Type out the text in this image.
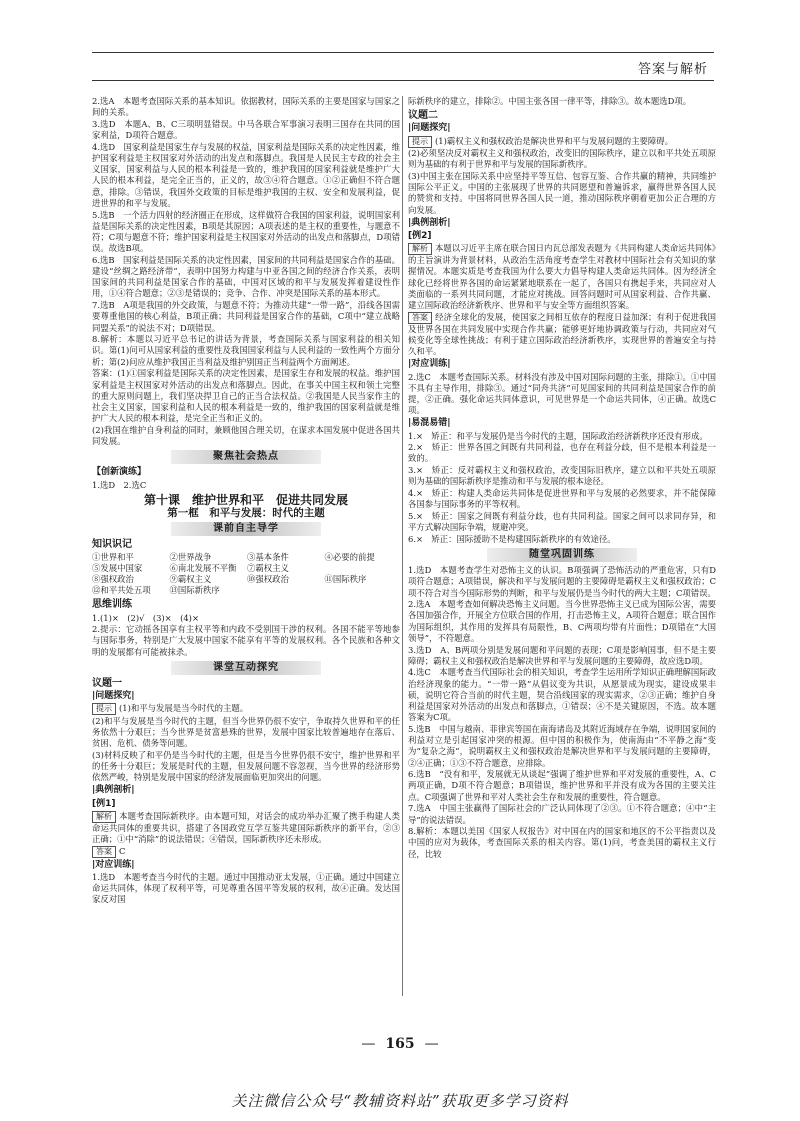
答案与解析

2.选A　本题考查国际关系的基本知识。依据教材，国际关系的主要是国家与国家之间的关系。

3.选D　本题A、B、C三项明显错误。中马各联合军事演习表明三国存在共同的国家利益，D项符合题意。

4.选D　国家利益是国家生存与发展的权益，国家利益是国际关系的决定性因素，维护国家利益是主权国家对外活动的出发点和落脚点。我国是人民民主专政的社会主义国家，国家利益与人民的根本利益是一致的，维护我国的国家利益就是维护广大人民的根本利益，是完全正当的，正义的，故③④符合题意。①②正确但不符合题意，排除。③错误，我国外交政策的目标是维护我国的主权、安全和发展利益，促进世界的和平与发展。

5.选B　一个活力四射的经济圈正在形成，这样做符合我国的国家利益，说明国家利益是国际关系的决定性因素，B项是其原因；A项表述的是主权的重要性，与题意不符；C项与题意不符；维护国家利益是主权国家对外活动的出发点和落脚点，D项错误。故选B项。

6.选B　国家利益是国际关系的决定性因素，国家间的共同利益是国家合作的基础。建设“丝绸之路经济带”，表明中国努力构建与中亚各国之间的经济合作关系，表明国家间的共同利益是国家合作的基础，中国对区域的和平与发展发挥着建设性作用，①④符合题意；②③是错误的；竞争、合作、冲突是国际关系的基本形式。

7.选B　A项是我国的外交政策，与题意不符；为推动共建“一带一路”，沿线各国需要尊重他国的核心利益，B项正确；共同利益是国家合作的基础，C项中“建立战略同盟关系”的说法不对；D项错误。

8.解析：本题以习近平总书记的讲话为背景，考查国际关系与国家利益的相关知识。第(1)问可从国家利益的重要性及我国国家利益与人民利益的一致性两个方面分析；第(2)问应从维护我国正当利益及维护别国正当利益两个方面阐述。

答案：(1)①国家利益是国际关系的决定性因素，是国家生存和发展的权益。维护国家利益是主权国家对外活动的出发点和落脚点。因此，在事关中国主权和领土完整的重大原则问题上，我们坚决捍卫自己的正当合法权益。②我国是人民当家作主的社会主义国家，国家利益和人民的根本利益是一致的，维护我国的国家利益就是维护广大人民的根本利益，是完全正当和正义的。

(2)我国在维护自身利益的同时，兼顾他国合理关切，在谋求本国发展中促进各国共同发展。

聚焦社会热点
【创新演练】

1.选D　2.选C

第十课　维护世界和平　促进共同发展
第一框　和平与发展：时代的主题
课前自主导学
知识识记
①世界和平	②世界战争	③基本条件	④必要的前提
⑤发展中国家	⑥南北发展不平衡	⑦霸权主义
⑧强权政治	⑨霸权主义	⑩强权政治	⑪国际秩序
⑫和平共处五项	⑬国际新秩序
思维训练

1.(1)×　(2)√　(3)×　(4)×

2.提示：它动摇各国享有主权平等和内政不受别国干涉的权利。各国不能平等地参与国际事务，特别是广大发展中国家不能享有平等的发展权利。各个民族和各种文明的发展都有可能被抹杀。

课堂互动探究
议题一
|问题探究|

提示 (1)和平与发展是当今时代的主题。

(2)和平与发展是当今时代的主题，但当今世界仍很不安宁，争取持久世界和平的任务依然十分艰巨；当今世界是贫富悬殊的世界，发展中国家比较普遍地存在落后、贫困、危机、债务等问题。

(3)材料反映了和平仍是当今时代的主题，但是当今世界仍很不安宁，维护世界和平的任务十分艰巨；发展是时代的主题，但发展问题不容忽视，当今世界的经济形势依然严峻，特别是发展中国家的经济发展面临更加突出的问题。

|典例剖析|
[例1]

解析 本题考查国际新秩序。由本题可知，对话会的成功举办汇聚了携手构建人类命运共同体的重要共识，搭建了各国政党互学互鉴共建国际新秩序的新平台，②③正确；①中“消除”的说法错误；④错误，国际新秩序还未形成。

答案 C

|对应训练|

1.选D　本题考查当今时代的主题。通过中国推动亚太发展，①正确。通过中国建立命运共同体，体现了权利平等，可见尊重各国平等发展的权利，故④正确。发达国家反对国

际新秩序的建立，排除②。中国主张各国一律平等，排除③。故本题选D项。

议题二
|问题探究|

提示 (1)霸权主义和强权政治是解决世界和平与发展问题的主要障碍。

(2)必须坚决反对霸权主义和强权政治，改变旧的国际秩序，建立以和平共处五项原则为基础的有利于世界和平与发展的国际新秩序。

(3)中国主张在国际关系中应坚持平等互信、包容互鉴、合作共赢的精神，共同维护国际公平正义。中国的主张展现了世界的共同愿望和普遍诉求，赢得世界各国人民的赞赏和支持。中国将同世界各国人民一道，推动国际秩序朝着更加公正合理的方向发展。

|典例剖析|
[例2]

解析 本题以习近平主席在联合国日内瓦总部发表题为《共同构建人类命运共同体》的主旨演讲为背景材料，从政治生活角度考查学生对教材中国际社会有关知识的掌握情况。本题实质是考查我国为什么要大力倡导构建人类命运共同体。因为经济全球化已经将世界各国的命运紧紧地联系在一起了，各国只有携起手来，共同应对人类面临的一系列共同问题，才能应对挑战。回答问题时可从国家利益、合作共赢、建立国际政治经济新秩序、世界和平与安全等方面组织答案。

答案 经济全球化的发展，使国家之间相互依存的程度日益加深；有利于促进我国及世界各国在共同发展中实现合作共赢；能够更好地协调政策与行动，共同应对气候变化等全球性挑战；有利于建立国际政治经济新秩序，实现世界的普遍安全与持久和平。

|对应训练|

2.选C　本题考查国际关系。材料没有涉及中国对国际问题的主张，排除①。①中国不具有主导作用，排除③。通过“同舟共济”可见国家间的共同利益是国家合作的前提，②正确。强化命运共同体意识，可见世界是一个命运共同体，④正确。故选C项。

|易混易错|

1.×　矫正：和平与发展仍是当今时代的主题，国际政治经济新秩序还没有形成。

2.×　矫正：世界各国之间既有共同利益，也存在利益分歧，但不是根本利益是一致的。

3.×　矫正：反对霸权主义和强权政治，改变国际旧秩序，建立以和平共处五项原则为基础的国际新秩序是推动和平与发展的根本途径。

4.×　矫正：构建人类命运共同体是促进世界和平与发展的必然要求，并不能保障各国参与国际事务的平等权利。

5.×　矫正：国家之间既有利益分歧，也有共同利益。国家之间可以求同存异，和平方式解决国际争端，规避冲突。

6.×　矫正：国际援助不是构建国际新秩序的有效途径。

随堂巩固训练

1.选D　本题考查学生对恐怖主义的认识。B项强调了恐怖活动的严重危害，只有D项符合题意；A项错误，解决和平与发展问题的主要障碍是霸权主义和强权政治；C项不符合对当今国际形势的判断，和平与发展仍是当今时代的两大主题；C项错误。

2.选A　本题考查如何解决恐怖主义问题。当今世界恐怖主义已成为国际公害，需要各国加强合作，开展全方位联合国的作用，打击恐怖主义，A项符合题意；联合国作为国际组织，其作用的发挥具有局限性，B、C两项均带有片面性；D项错在“大国领导”，不符题意。

3.选D　A、B两项分别是发展问题和平问题的表现；C项是影响国事，但不是主要障碍；霸权主义和强权政治是解决世界和平与发展问题的主要障碍，故应选D项。

4.选C　本题考查当代国际社会的相关知识，考查学生运用所学知识正确理解国际政治经济现象的能力。“一带一路”从倡议变为共识，从愿景成为现实，建设成果丰硕，说明它符合当前的时代主题，契合沿线国家的现实需求，②③正确；维护自身利益是国家对外活动的出发点和落脚点，①错误；④不是关键原因，不选。故本题答案为C项。

5.选B　中国与越南、菲律宾等国在南海诸岛及其附近海域存在争端，说明国家间的利益对立是引起国家冲突的根源。但中国的积极作为，使南海由“不平静之海”变为“复杂之海”，说明霸权主义和强权政治是解决世界和平与发展问题的主要障碍，②④正确；①③不符合题意，应排除。

6.选B　“没有和平，发展就无从谈起”强调了维护世界和平对发展的重要性，A、C两项正确，D项不符合题意；B项错误，维护世界和平并没有成为各国的主要关注点。C项强调了世界和平对人类社会生存和发展的重要性，符合题意。

7.选A　中国主张赢得了国际社会的广泛认同体现了②③。①不符合题意；④中“主导”的说法错误。

8.解析：本题以美国《国家人权报告》对中国在内的国家和地区的不公平指责以及中国的应对为载体，考查国际关系的相关内容。第(1)问，考查美国的霸权主义行径，比较

— 165 —
关注微信公众号“教辅资料站”获取更多学习资料
